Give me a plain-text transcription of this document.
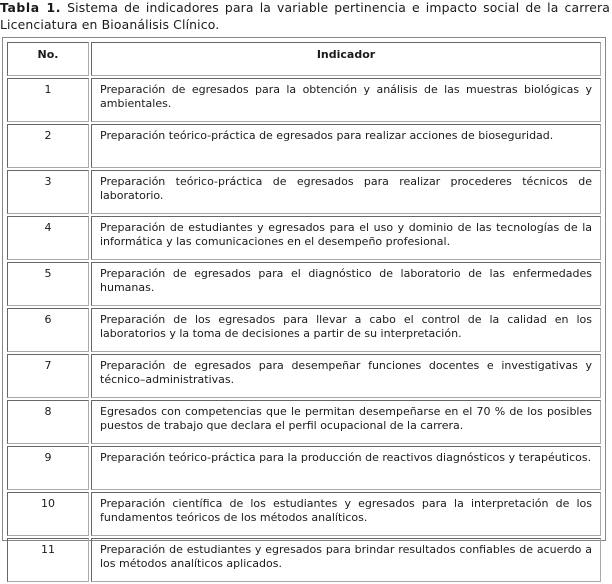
Tabla 1. Sistema de indicadores para la variable pertinencia e impacto social de la carrera Licenciatura en Bioanálisis Clínico.
No.	Indicador
1	Preparación de egresados para la obtención y análisis de las muestras biológicas y ambientales.
2	Preparación teórico-práctica de egresados para realizar acciones de bioseguridad.
3	Preparación teórico-práctica de egresados para realizar procederes técnicos de laboratorio.
4	Preparación de estudiantes y egresados para el uso y dominio de las tecnologías de la informática y las comunicaciones en el desempeño profesional.
5	Preparación de egresados para el diagnóstico de laboratorio de las enfermedades humanas.
6	Preparación de los egresados para llevar a cabo el control de la calidad en los laboratorios y la toma de decisiones a partir de su interpretación.
7	Preparación de egresados para desempeñar funciones docentes e investigativas y técnico–administrativas.
8	Egresados con competencias que le permitan desempeñarse en el 70 % de los posibles puestos de trabajo que declara el perfil ocupacional de la carrera.
9	Preparación teórico-práctica para la producción de reactivos diagnósticos y terapéuticos.
10	Preparación científica de los estudiantes y egresados para la interpretación de los fundamentos teóricos de los métodos analíticos.
11	Preparación de estudiantes y egresados para brindar resultados confiables de acuerdo a los métodos analíticos aplicados.
